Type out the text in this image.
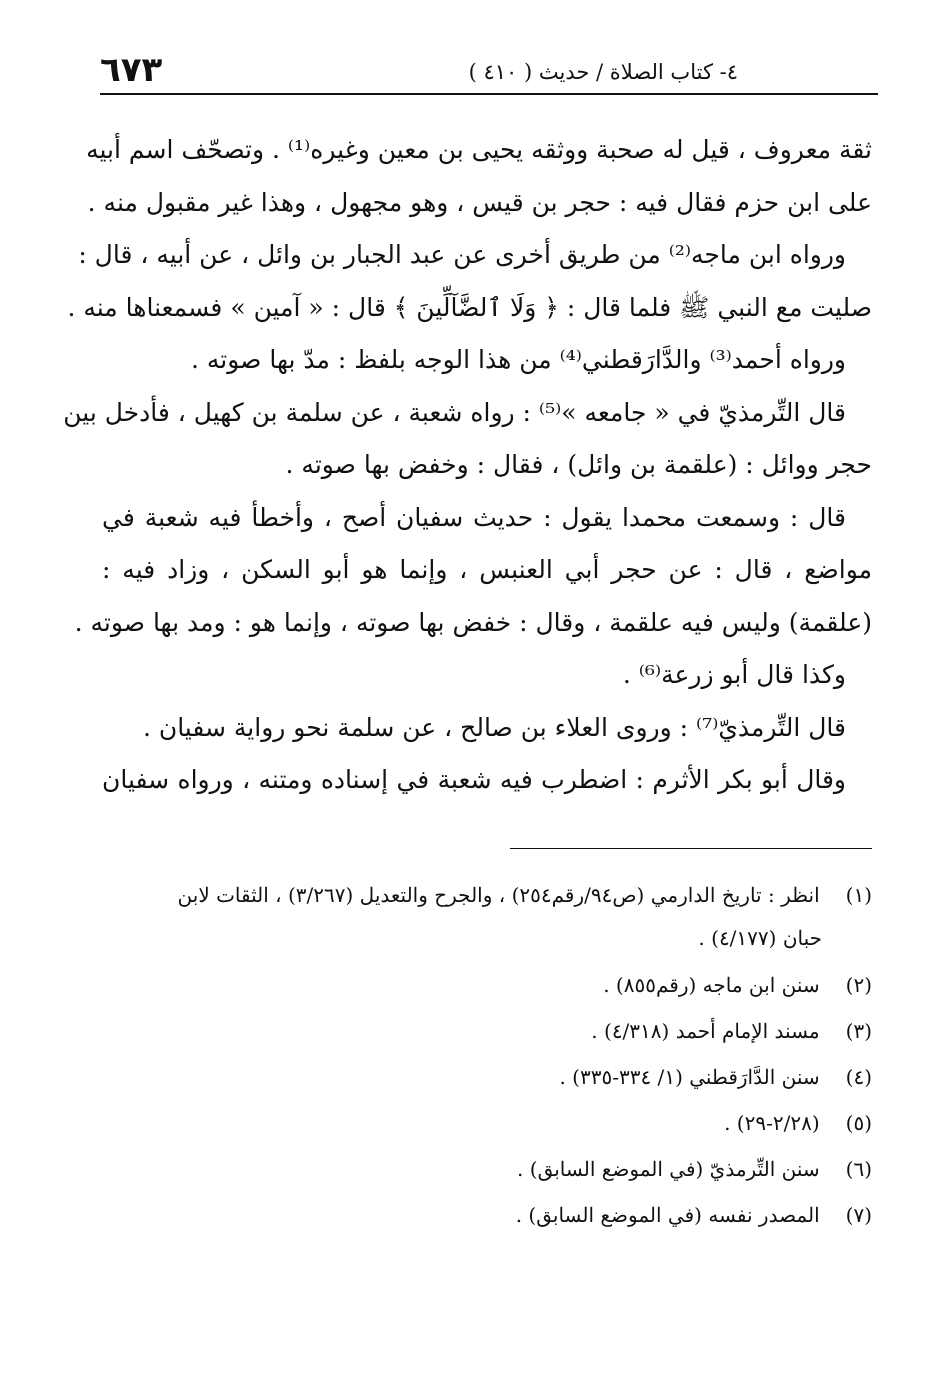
٤- كتاب الصلاة / حديث ( ٤١٠ )
٦٧٣
ثقة معروف ، قيل له صحبة ووثقه يحيى بن معين وغيره⁽¹⁾ . وتصحّف اسم أبيه
على ابن حزم فقال فيه : حجر بن قيس ، وهو مجهول ، وهذا غير مقبول منه .
ورواه ابن ماجه⁽²⁾ من طريق أخرى عن عبد الجبار بن وائل ، عن أبيه ، قال :
صليت مع النبي ﷺ فلما قال : ﴿ وَلَا ٱلضَّآلِّينَ ﴾ قال : « آمين » فسمعناها منه .
ورواه أحمد⁽³⁾ والدَّارَقطني⁽⁴⁾ من هذا الوجه بلفظ : مدّ بها صوته .
قال التِّرمذيّ في « جامعه »⁽⁵⁾ : رواه شعبة ، عن سلمة بن كهيل ، فأدخل بين
حجر ووائل : (علقمة بن وائل) ، فقال : وخفض بها صوته .
قال : وسمعت محمدا يقول : حديث سفيان أصح ، وأخطأ فيه شعبة في
مواضع ، قال : عن حجر أبي العنبس ، وإنما هو أبو السكن ، وزاد فيه :
(علقمة) وليس فيه علقمة ، وقال : خفض بها صوته ، وإنما هو : ومد بها صوته .
وكذا قال أبو زرعة⁽⁶⁾ .
قال التِّرمذيّ⁽⁷⁾ : وروى العلاء بن صالح ، عن سلمة نحو رواية سفيان .
وقال أبو بكر الأثرم : اضطرب فيه شعبة في إسناده ومتنه ، ورواه سفيان
(١) انظر : تاريخ الدارمي (ص٩٤/رقم٢٥٤) ، والجرح والتعديل (٣/٢٦٧) ، الثقات لابن
حبان (٤/١٧٧) .
(٢) سنن ابن ماجه (رقم٨٥٥) .
(٣) مسند الإمام أحمد (٤/٣١٨) .
(٤) سنن الدَّارَقطني (١/ ٣٣٤-٣٣٥) .
(٥) (٢/٢٨-٢٩) .
(٦) سنن التِّرمذيّ (في الموضع السابق) .
(٧) المصدر نفسه (في الموضع السابق) .
